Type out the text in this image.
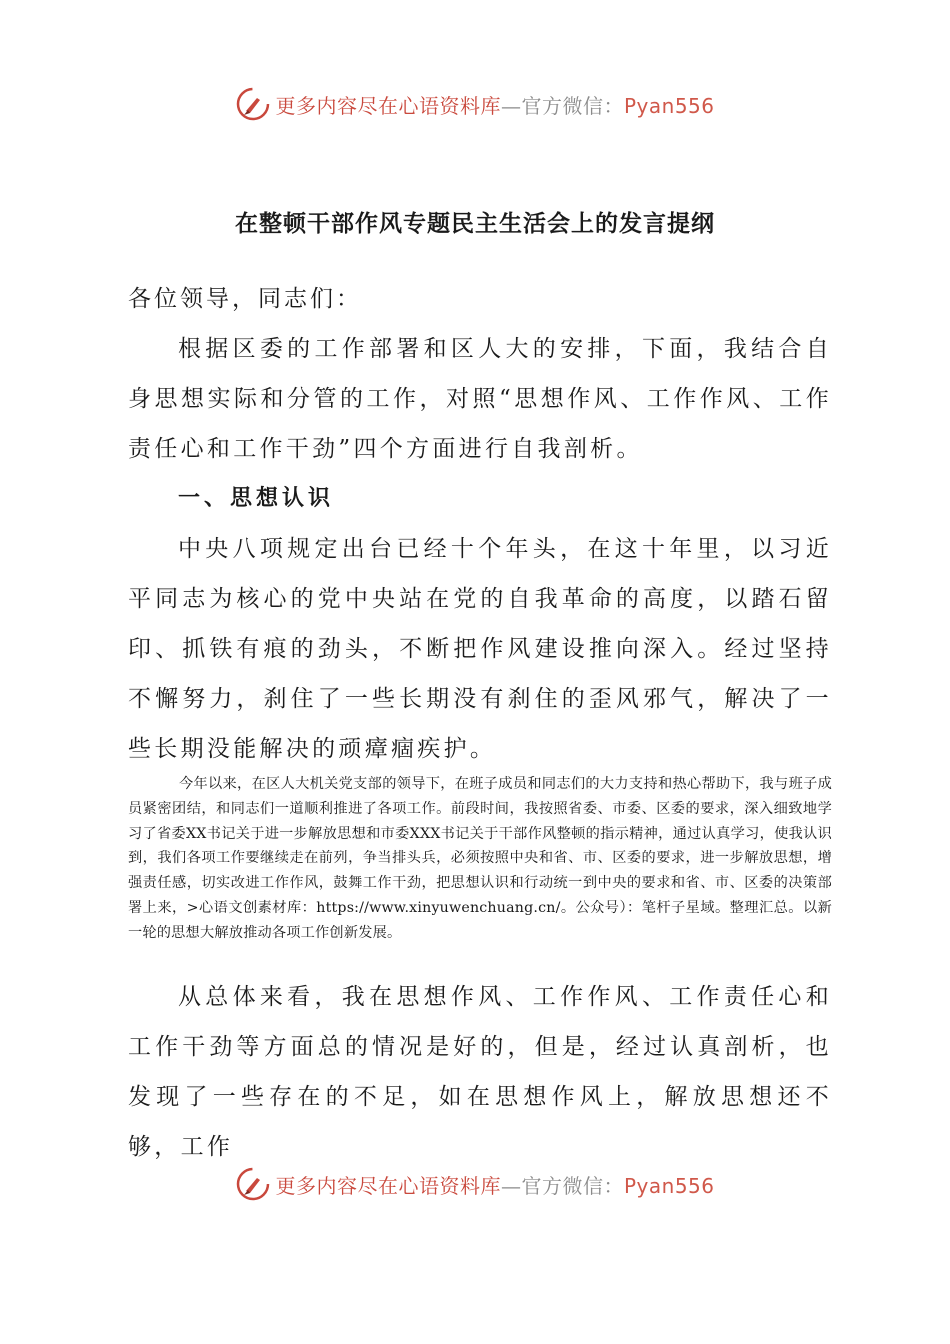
更多内容尽在心语资料库—官方微信：Pyan556
在整顿干部作风专题民主生活会上的发言提纲

各位领导，同志们：

根据区委的工作部署和区人大的安排，下面，我结合自身思想实际和分管的工作，对照“思想作风、工作作风、工作责任心和工作干劲”四个方面进行自我剖析。

一、思想认识

中央八项规定出台已经十个年头，在这十年里，以习近平同志为核心的党中央站在党的自我革命的高度，以踏石留印、抓铁有痕的劲头，不断把作风建设推向深入。经过坚持不懈努力，刹住了一些长期没有刹住的歪风邪气，解决了一些长期没能解决的顽瘴痼疾护。

今年以来，在区人大机关党支部的领导下，在班子成员和同志们的大力支持和热心帮助下，我与班子成员紧密团结，和同志们一道顺利推进了各项工作。前段时间，我按照省委、市委、区委的要求，深入细致地学习了省委XX书记关于进一步解放思想和市委XXX书记关于干部作风整顿的指示精神，通过认真学习，使我认识到，我们各项工作要继续走在前列，争当排头兵，必须按照中央和省、市、区委的要求，进一步解放思想，增强责任感，切实改进工作作风，鼓舞工作干劲，把思想认识和行动统一到中央的要求和省、市、区委的决策部署上来，>心语文创素材库：https://www.xinyuwenchuang.cn/。公众号）：笔杆子星域。整理汇总。以新一轮的思想大解放推动各项工作创新发展。

从总体来看，我在思想作风、工作作风、工作责任心和工作干劲等方面总的情况是好的，但是，经过认真剖析，也发现了一些存在的不足，如在思想作风上，解放思想还不够，工作

更多内容尽在心语资料库—官方微信：Pyan556
